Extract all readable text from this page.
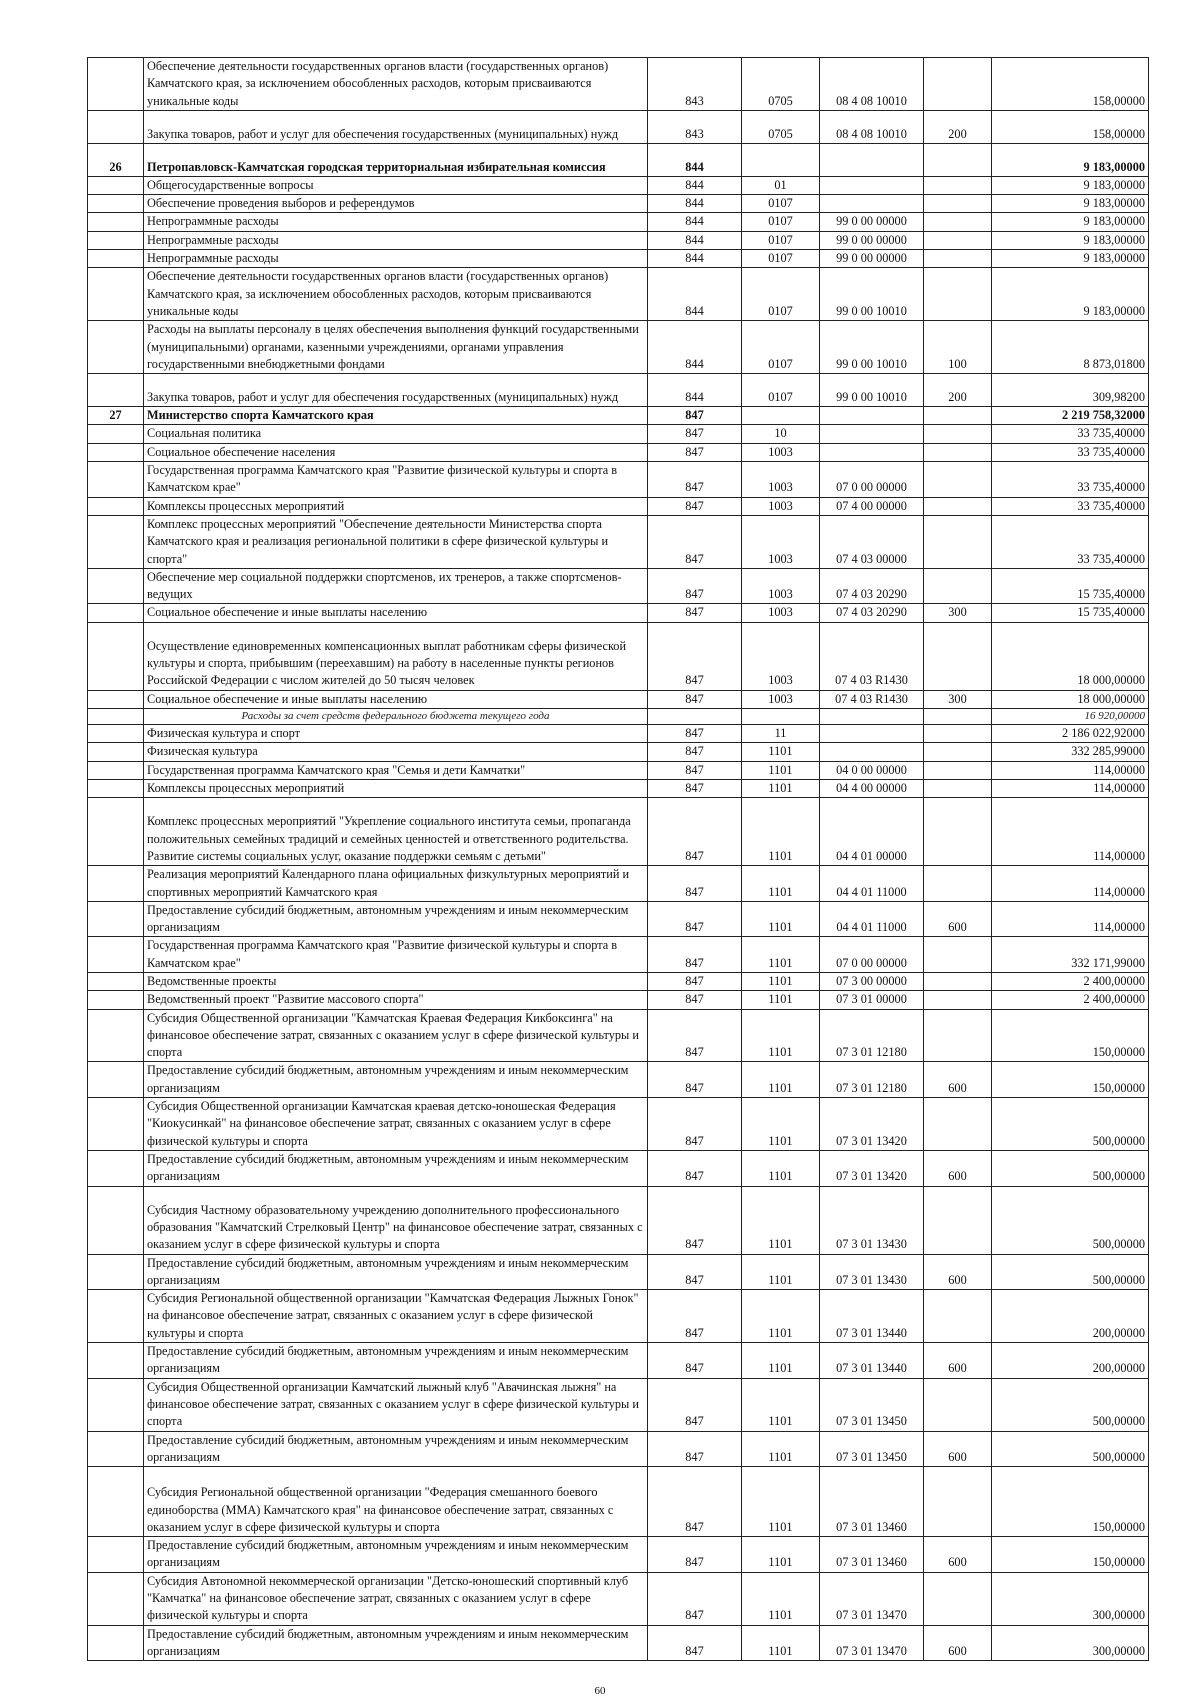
	Обеспечение деятельности государственных органов власти (государственных органов) Камчатского края, за исключением обособленных расходов, которым присваиваются уникальные коды	843	0705	08 4 08 10010		158,00000
	Закупка товаров, работ и услуг для обеспечения государственных (муниципальных) нужд	843	0705	08 4 08 10010	200	158,00000
26	Петропавловск-Камчатская городская территориальная избирательная комиссия	844				9 183,00000
	Общегосударственные вопросы	844	01			9 183,00000
	Обеспечение проведения выборов и референдумов	844	0107			9 183,00000
	Непрограммные расходы	844	0107	99 0 00 00000		9 183,00000
	Непрограммные расходы	844	0107	99 0 00 00000		9 183,00000
	Непрограммные расходы	844	0107	99 0 00 00000		9 183,00000
	Обеспечение деятельности государственных органов власти (государственных органов) Камчатского края, за исключением обособленных расходов, которым присваиваются уникальные коды	844	0107	99 0 00 10010		9 183,00000
	Расходы на выплаты персоналу в целях обеспечения выполнения функций государственными (муниципальными) органами, казенными учреждениями, органами управления государственными внебюджетными фондами	844	0107	99 0 00 10010	100	8 873,01800
	Закупка товаров, работ и услуг для обеспечения государственных (муниципальных) нужд	844	0107	99 0 00 10010	200	309,98200
27	Министерство спорта Камчатского края	847				2 219 758,32000
	Социальная политика	847	10			33 735,40000
	Социальное обеспечение населения	847	1003			33 735,40000
	Государственная программа Камчатского края "Развитие физической культуры и спорта в Камчатском крае"	847	1003	07 0 00 00000		33 735,40000
	Комплексы процессных мероприятий	847	1003	07 4 00 00000		33 735,40000
	Комплекс процессных мероприятий "Обеспечение деятельности Министерства спорта Камчатского края и реализация региональной политики в сфере физической культуры и спорта"	847	1003	07 4 03 00000		33 735,40000
	Обеспечение мер социальной поддержки спортсменов, их тренеров, а также спортсменов-ведущих	847	1003	07 4 03 20290		15 735,40000
	Социальное обеспечение и иные выплаты населению	847	1003	07 4 03 20290	300	15 735,40000
	Осуществление единовременных компенсационных выплат работникам сферы физической культуры и спорта, прибывшим (переехавшим) на работу в населенные пункты регионов Российской Федерации с числом жителей до 50 тысяч человек	847	1003	07 4 03 R1430		18 000,00000
	Социальное обеспечение и иные выплаты населению	847	1003	07 4 03 R1430	300	18 000,00000
	Расходы за счет средств федерального бюджета текущего года					16 920,00000
	Физическая культура и спорт	847	11			2 186 022,92000
	Физическая культура	847	1101			332 285,99000
	Государственная программа Камчатского края "Семья и дети Камчатки"	847	1101	04 0 00 00000		114,00000
	Комплексы процессных мероприятий	847	1101	04 4 00 00000		114,00000
	Комплекс процессных мероприятий "Укрепление социального института семьи, пропаганда положительных семейных традиций и семейных ценностей и ответственного родительства. Развитие системы социальных услуг, оказание поддержки семьям с детьми"	847	1101	04 4 01 00000		114,00000
	Реализация мероприятий Календарного плана официальных физкультурных мероприятий и спортивных мероприятий Камчатского края	847	1101	04 4 01 11000		114,00000
	Предоставление субсидий бюджетным, автономным учреждениям и иным некоммерческим организациям	847	1101	04 4 01 11000	600	114,00000
	Государственная программа Камчатского края "Развитие физической культуры и спорта в Камчатском крае"	847	1101	07 0 00 00000		332 171,99000
	Ведомственные проекты	847	1101	07 3 00 00000		2 400,00000
	Ведомственный проект "Развитие массового спорта"	847	1101	07 3 01 00000		2 400,00000
	Субсидия Общественной организации "Камчатская Краевая Федерация Кикбоксинга" на финансовое обеспечение затрат, связанных с оказанием услуг в сфере физической культуры и спорта	847	1101	07 3 01 12180		150,00000
	Предоставление субсидий бюджетным, автономным учреждениям и иным некоммерческим организациям	847	1101	07 3 01 12180	600	150,00000
	Субсидия Общественной организации Камчатская краевая детско-юношеская Федерация "Киокусинкай" на финансовое обеспечение затрат, связанных с оказанием услуг в сфере физической культуры и спорта	847	1101	07 3 01 13420		500,00000
	Предоставление субсидий бюджетным, автономным учреждениям и иным некоммерческим организациям	847	1101	07 3 01 13420	600	500,00000
	Субсидия Частному образовательному учреждению дополнительного профессионального образования "Камчатский Стрелковый Центр" на финансовое обеспечение затрат, связанных с оказанием услуг в сфере физической культуры и спорта	847	1101	07 3 01 13430		500,00000
	Предоставление субсидий бюджетным, автономным учреждениям и иным некоммерческим организациям	847	1101	07 3 01 13430	600	500,00000
	Субсидия Региональной общественной организации "Камчатская Федерация Лыжных Гонок" на финансовое обеспечение затрат, связанных с оказанием услуг в сфере физической культуры и спорта	847	1101	07 3 01 13440		200,00000
	Предоставление субсидий бюджетным, автономным учреждениям и иным некоммерческим организациям	847	1101	07 3 01 13440	600	200,00000
	Субсидия Общественной организации Камчатский лыжный клуб "Авачинская лыжня" на финансовое обеспечение затрат, связанных с оказанием услуг в сфере физической культуры и спорта	847	1101	07 3 01 13450		500,00000
	Предоставление субсидий бюджетным, автономным учреждениям и иным некоммерческим организациям	847	1101	07 3 01 13450	600	500,00000
	Субсидия Региональной общественной организации "Федерация смешанного боевого единоборства (ММА) Камчатского края" на финансовое обеспечение затрат, связанных с оказанием услуг в сфере физической культуры и спорта	847	1101	07 3 01 13460		150,00000
	Предоставление субсидий бюджетным, автономным учреждениям и иным некоммерческим организациям	847	1101	07 3 01 13460	600	150,00000
	Субсидия Автономной некоммерческой организации "Детско-юношеский спортивный клуб "Камчатка" на финансовое обеспечение затрат, связанных с оказанием услуг в сфере физической культуры и спорта	847	1101	07 3 01 13470		300,00000
	Предоставление субсидий бюджетным, автономным учреждениям и иным некоммерческим организациям	847	1101	07 3 01 13470	600	300,00000
60
